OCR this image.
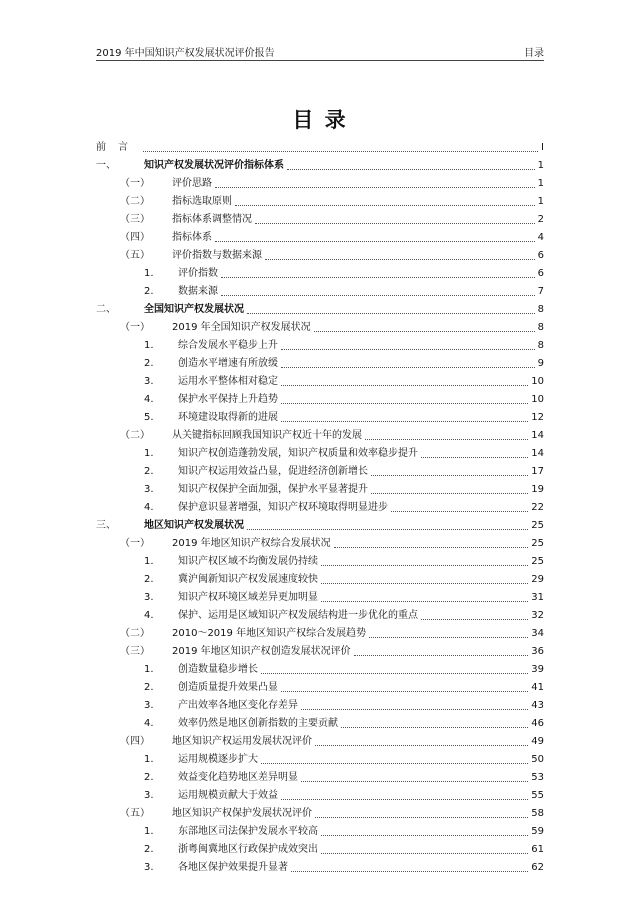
2019 年中国知识产权发展状况评价报告	目录
目 录
前言	I
一、	知识产权发展状况评价指标体系	1
（一）	评价思路	1
（二）	指标选取原则	1
（三）	指标体系调整情况	2
（四）	指标体系	4
（五）	评价指数与数据来源	6
1.	评价指数	6
2.	数据来源	7
二、	全国知识产权发展状况	8
（一）	2019 年全国知识产权发展状况	8
1.	综合发展水平稳步上升	8
2.	创造水平增速有所放缓	9
3.	运用水平整体相对稳定	10
4.	保护水平保持上升趋势	10
5.	环境建设取得新的进展	12
（二）	从关键指标回顾我国知识产权近十年的发展	14
1.	知识产权创造蓬勃发展，知识产权质量和效率稳步提升	14
2.	知识产权运用效益凸显，促进经济创新增长	17
3.	知识产权保护全面加强，保护水平显著提升	19
4.	保护意识显著增强，知识产权环境取得明显进步	22
三、	地区知识产权发展状况	25
（一）	2019 年地区知识产权综合发展状况	25
1.	知识产权区域不均衡发展仍持续	25
2.	冀沪闽新知识产权发展速度较快	29
3.	知识产权环境区域差异更加明显	31
4.	保护、运用是区域知识产权发展结构进一步优化的重点	32
（二）	2010～2019 年地区知识产权综合发展趋势	34
（三）	2019 年地区知识产权创造发展状况评价	36
1.	创造数量稳步增长	39
2.	创造质量提升效果凸显	41
3.	产出效率各地区变化存差异	43
4.	效率仍然是地区创新指数的主要贡献	46
（四）	地区知识产权运用发展状况评价	49
1.	运用规模逐步扩大	50
2.	效益变化趋势地区差异明显	53
3.	运用规模贡献大于效益	55
（五）	地区知识产权保护发展状况评价	58
1.	东部地区司法保护发展水平较高	59
2.	浙粤闽冀地区行政保护成效突出	61
3.	各地区保护效果提升显著	62
